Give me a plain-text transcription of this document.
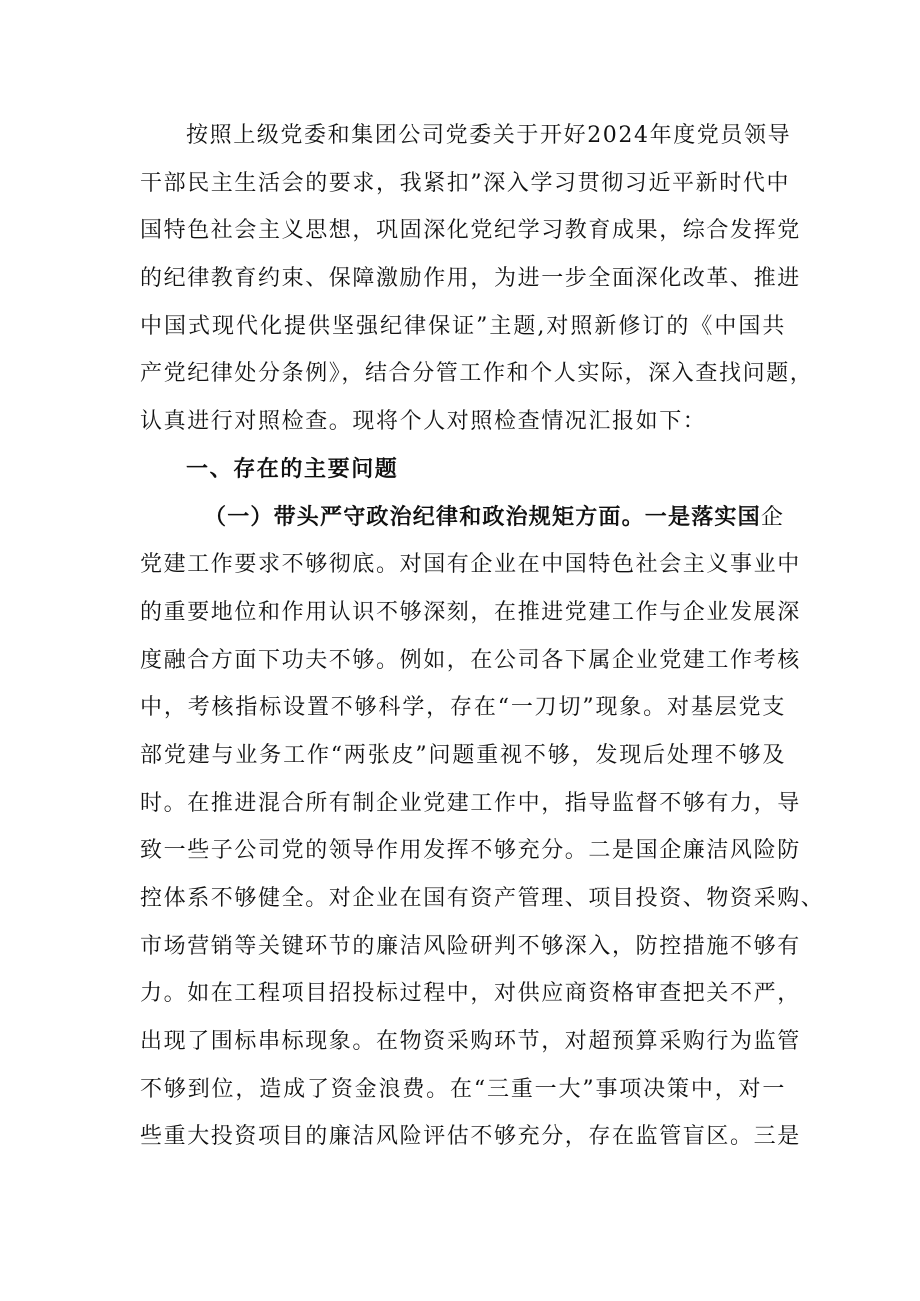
按照上级党委和集团公司党委关于开好2024年度党员领导
干部民主生活会的要求，我紧扣”深入学习贯彻习近平新时代中
国特色社会主义思想，巩固深化党纪学习教育成果，综合发挥党
的纪律教育约束、保障激励作用，为进一步全面深化改革、推进
中国式现代化提供坚强纪律保证”主题,对照新修订的《中国共
产党纪律处分条例》，结合分管工作和个人实际，深入查找问题，
认真进行对照检查。现将个人对照检查情况汇报如下：
一、存在的主要问题
（一）带头严守政治纪律和政治规矩方面。一是落实国企
党建工作要求不够彻底。对国有企业在中国特色社会主义事业中
的重要地位和作用认识不够深刻，在推进党建工作与企业发展深
度融合方面下功夫不够。例如，在公司各下属企业党建工作考核
中，考核指标设置不够科学，存在“一刀切”现象。对基层党支
部党建与业务工作“两张皮”问题重视不够，发现后处理不够及
时。在推进混合所有制企业党建工作中，指导监督不够有力，导
致一些子公司党的领导作用发挥不够充分。二是国企廉洁风险防
控体系不够健全。对企业在国有资产管理、项目投资、物资采购、
市场营销等关键环节的廉洁风险研判不够深入，防控措施不够有
力。如在工程项目招投标过程中，对供应商资格审查把关不严，
出现了围标串标现象。在物资采购环节，对超预算采购行为监管
不够到位，造成了资金浪费。在“三重一大”事项决策中，对一
些重大投资项目的廉洁风险评估不够充分，存在监管盲区。三是
